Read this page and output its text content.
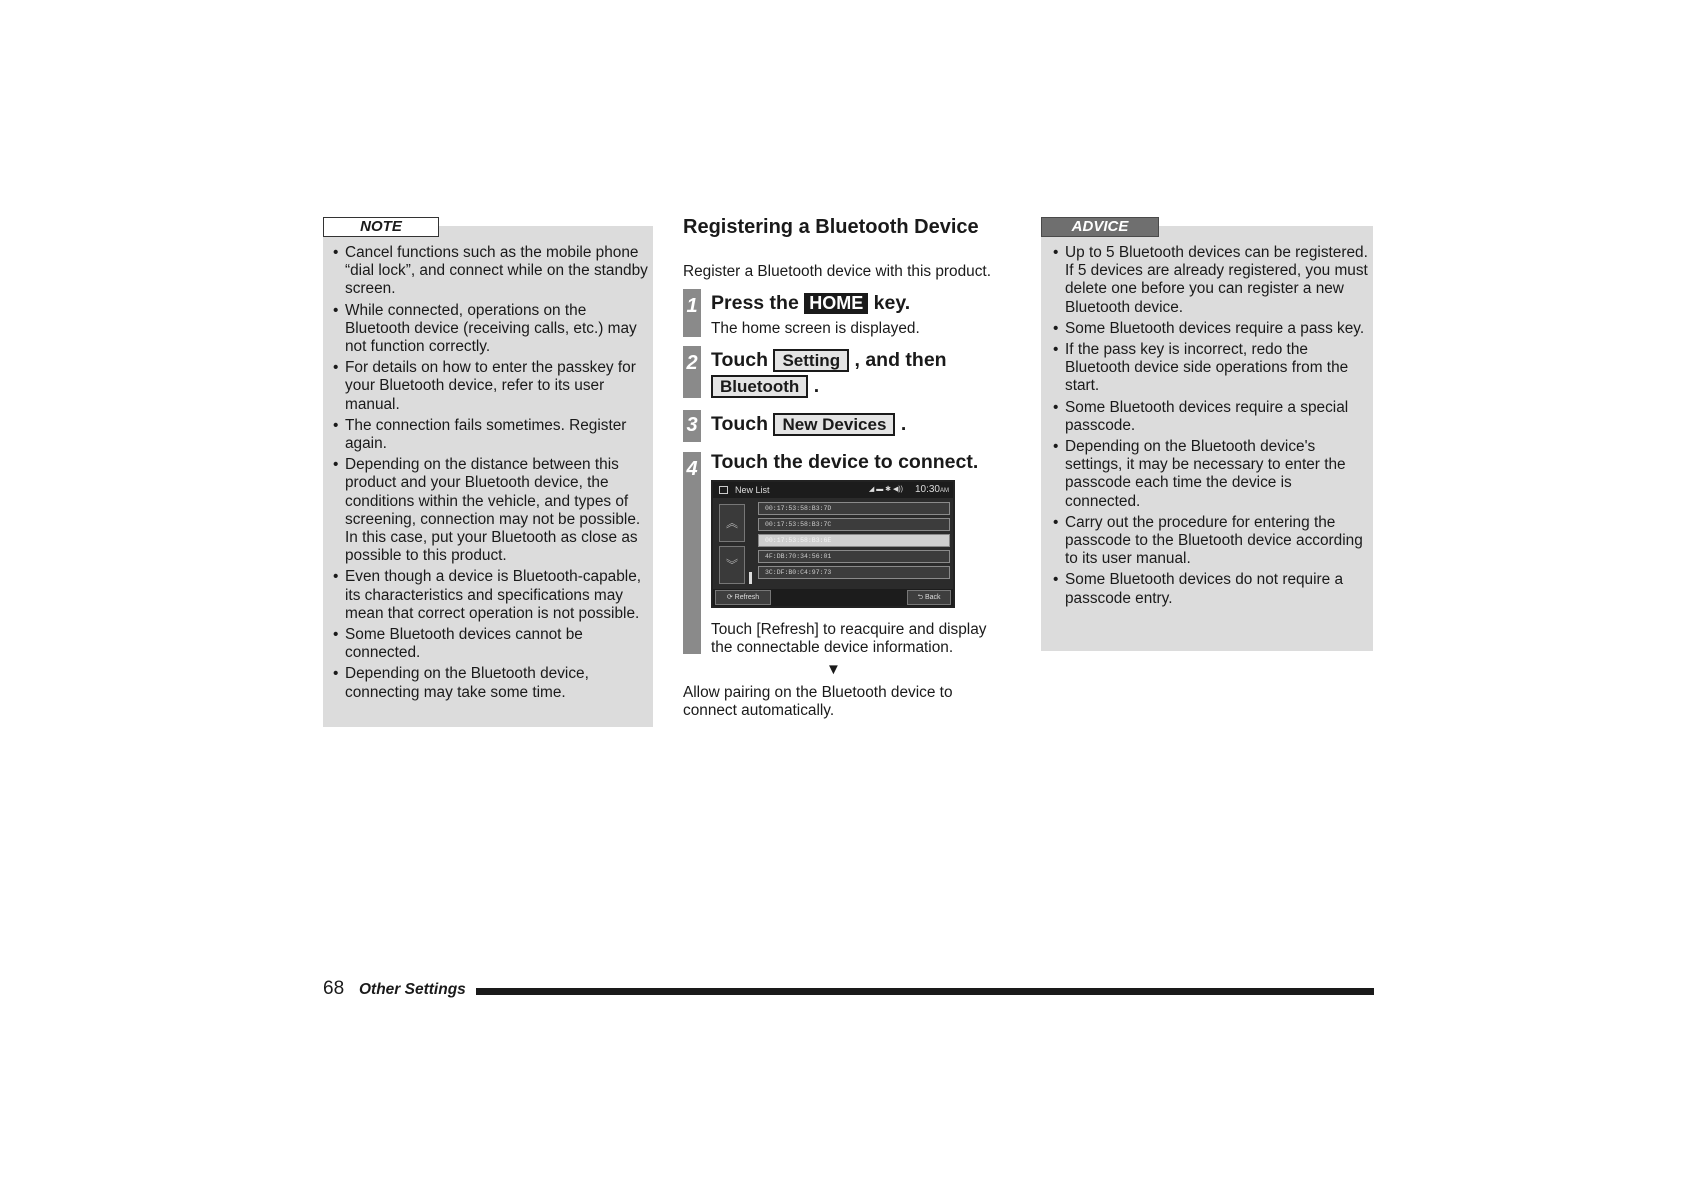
NOTE
• Cancel functions such as the mobile phone “dial lock”, and connect while on the standby screen.
• While connected, operations on the Bluetooth device (receiving calls, etc.) may not function correctly.
• For details on how to enter the passkey for your Bluetooth device, refer to its user manual.
• The connection fails sometimes. Register again.
• Depending on the distance between this product and your Bluetooth device, the conditions within the vehicle, and types of screening, connection may not be possible. In this case, put your Bluetooth as close as possible to this product.
• Even though a device is Bluetooth-capable, its characteristics and specifications may mean that correct operation is not possible.
• Some Bluetooth devices cannot be connected.
• Depending on the Bluetooth device, connecting may take some time.
Registering a Bluetooth Device

Register a Bluetooth device with this product.

1 Press the HOME key.

The home screen is displayed.

2 Touch Setting , and then
Bluetooth .
3 Touch New Devices .
4 Touch the device to connect.
New List	◢ ▬ ✱ ◀)) 10:30AM
︽
︾
00:17:53:58:B3:7D
00:17:53:58:B3:7C
00:17:53:58:B3:6E
4F:DB:70:34:56:01
3C:DF:B0:C4:97:73
⟳ Refresh	⮌ Back

Touch [Refresh] to reacquire and display the connectable device information.

▼

Allow pairing on the Bluetooth device to connect automatically.

ADVICE
• Up to 5 Bluetooth devices can be registered.
If 5 devices are already registered, you must delete one before you can register a new Bluetooth device.
• Some Bluetooth devices require a pass key.
• If the pass key is incorrect, redo the Bluetooth device side operations from the start.
• Some Bluetooth devices require a special passcode.
• Depending on the Bluetooth device's settings, it may be necessary to enter the passcode each time the device is connected.
• Carry out the procedure for entering the passcode to the Bluetooth device according to its user manual.
• Some Bluetooth devices do not require a passcode entry.
68 Other Settings
